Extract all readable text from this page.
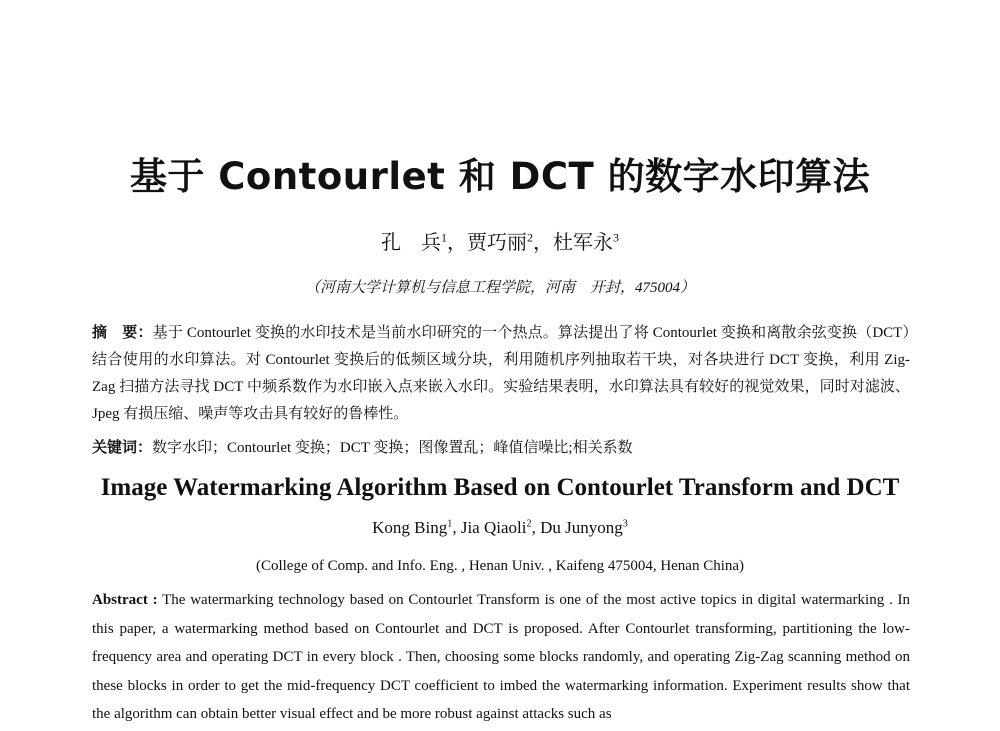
基于 Contourlet 和 DCT 的数字水印算法
孔　兵$^1$，贾巧丽$^2$，杜军永$^3$

（河南大学计算机与信息工程学院，河南　开封，475004）

摘　要：基于 Contourlet 变换的水印技术是当前水印研究的一个热点。算法提出了将 Contourlet 变换和离散余弦变换（DCT）结合使用的水印算法。对 Contourlet 变换后的低频区域分块，利用随机序列抽取若干块，对各块进行 DCT 变换，利用 Zig-Zag 扫描方法寻找 DCT 中频系数作为水印嵌入点来嵌入水印。实验结果表明，水印算法具有较好的视觉效果，同时对滤波、Jpeg 有损压缩、噪声等攻击具有较好的鲁棒性。

关键词：数字水印；Contourlet 变换；DCT 变换；图像置乱；峰值信噪比;相关系数

Image Watermarking Algorithm Based on Contourlet Transform and DCT
Kong Bing$^1$, Jia Qiaoli$^2$, Du Junyong$^3$

(College of Comp. and Info. Eng. , Henan Univ. , Kaifeng 475004, Henan China)

Abstract : The watermarking technology based on Contourlet Transform is one of the most active topics in digital watermarking . In this paper, a watermarking method based on Contourlet and DCT is proposed. After Contourlet transforming, partitioning the low-frequency area and operating DCT in every block . Then, choosing some blocks randomly, and operating Zig-Zag scanning method on these blocks in order to get the mid-frequency DCT coefficient to imbed the watermarking information. Experiment results show that the algorithm can obtain better visual effect and be more robust against attacks such as
